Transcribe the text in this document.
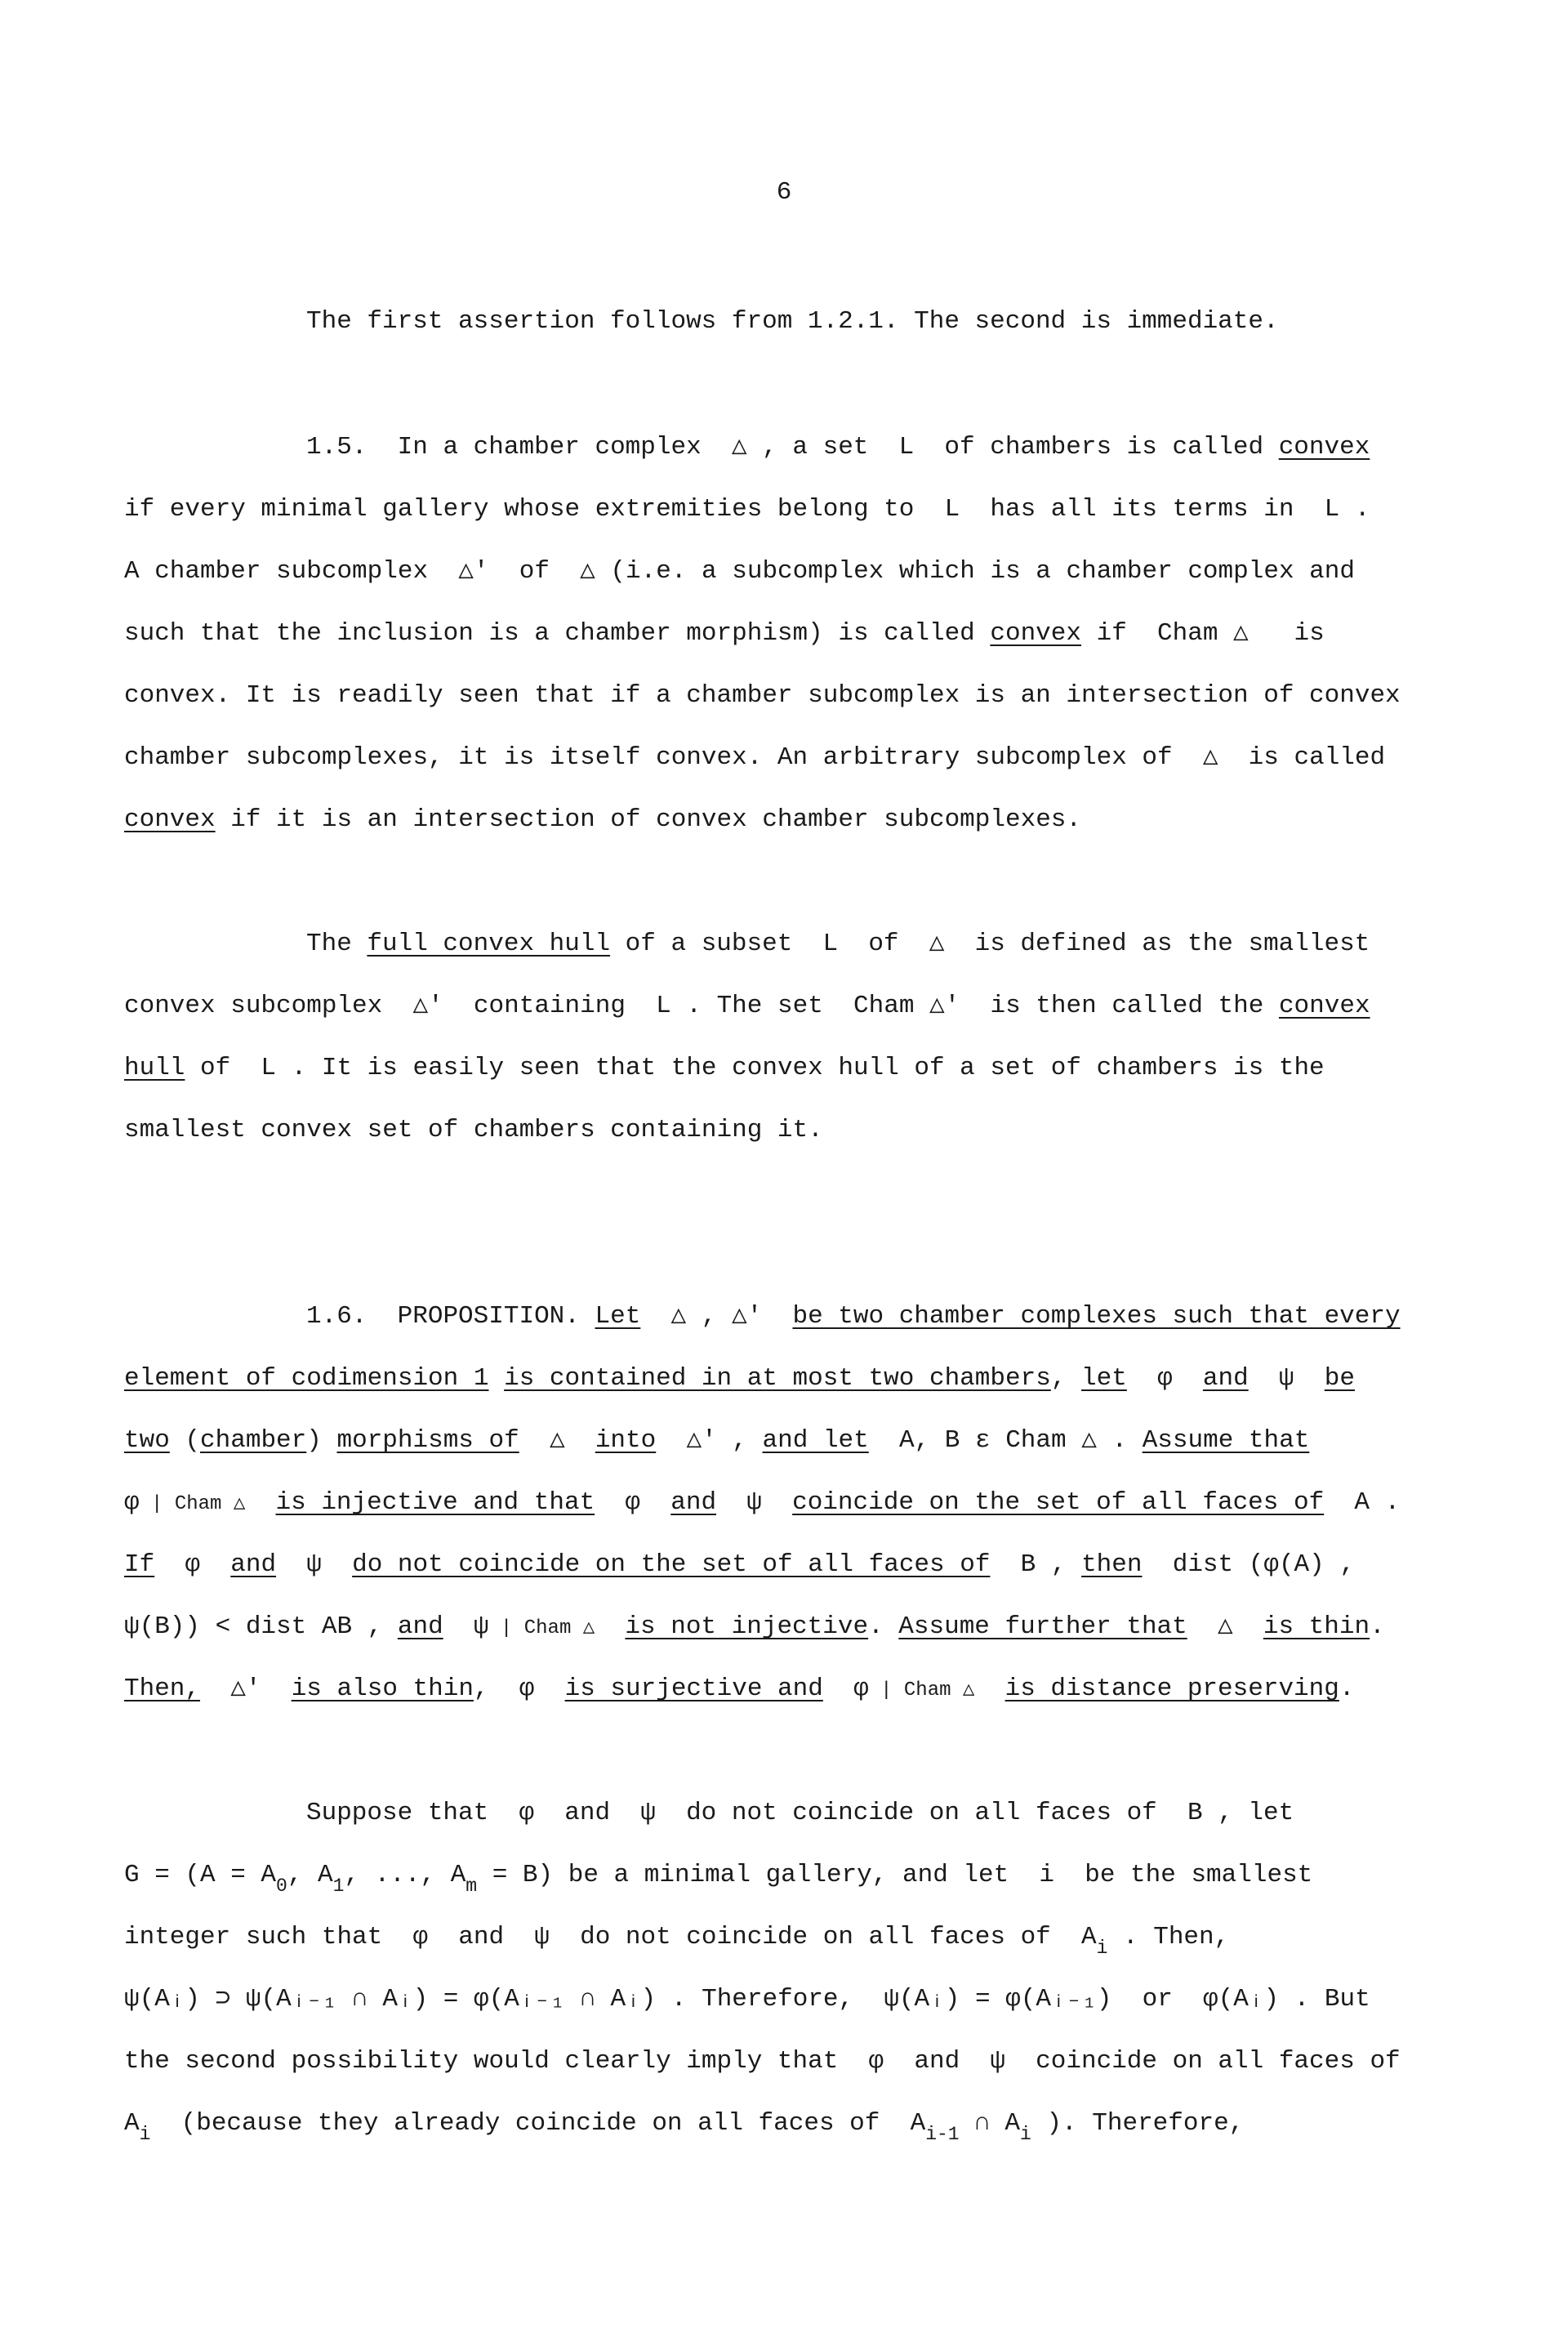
6
The first assertion follows from 1.2.1. The second is immediate.
1.5. In a chamber complex  △ , a set  L  of chambers is called convex
if every minimal gallery whose extremities belong to  L  has all its terms in  L .
A chamber subcomplex  △'  of  △ (i.e. a subcomplex which is a chamber complex and
such that the inclusion is a chamber morphism) is called convex if  Cham △   is
convex. It is readily seen that if a chamber subcomplex is an intersection of convex
chamber subcomplexes, it is itself convex. An arbitrary subcomplex of  △  is called
convex if it is an intersection of convex chamber subcomplexes.
The full convex hull of a subset  L  of  △  is defined as the smallest
convex subcomplex  △'  containing  L . The set  Cham △'  is then called the convex
hull of  L . It is easily seen that the convex hull of a set of chambers is the
smallest convex set of chambers containing it.
1.6. PROPOSITION. Let  △ , △'  be two chamber complexes such that every
element of codimension 1 is contained in at most two chambers, let φ and ψ be
two (chamber) morphisms of  △  into  △' , and let  A, B ε Cham △ . Assume that
φ | Cham △ is injective and that φ and ψ coincide on the set of all faces of  A .
If φ and ψ do not coincide on the set of all faces of  B , then dist (φ(A) ,
ψ(B)) < dist AB , and ψ | Cham △ is not injective. Assume further that  △  is thin.
Then,  △'  is also thin,  φ is surjective and φ | Cham △ is distance preserving.
Suppose that  φ  and  ψ  do not coincide on all faces of  B , let
$G = (A = A_0$, $A_1$, ..., $A_m = B$) be a minimal gallery, and let  i  be the smallest
integer such that  φ  and  ψ  do not coincide on all faces of  $A_i$ . Then,
ψ(Aᵢ) ⊃ ψ(Aᵢ₋₁ ∩ Aᵢ) = φ(Aᵢ₋₁ ∩ Aᵢ) . Therefore,  ψ(Aᵢ) = φ(Aᵢ₋₁)  or  φ(Aᵢ) . But
the second possibility would clearly imply that  φ  and  ψ  coincide on all faces of
$A_i$  (because they already coincide on all faces of  $A_{i-1}$ ∩ $A_i$ ). Therefore,
